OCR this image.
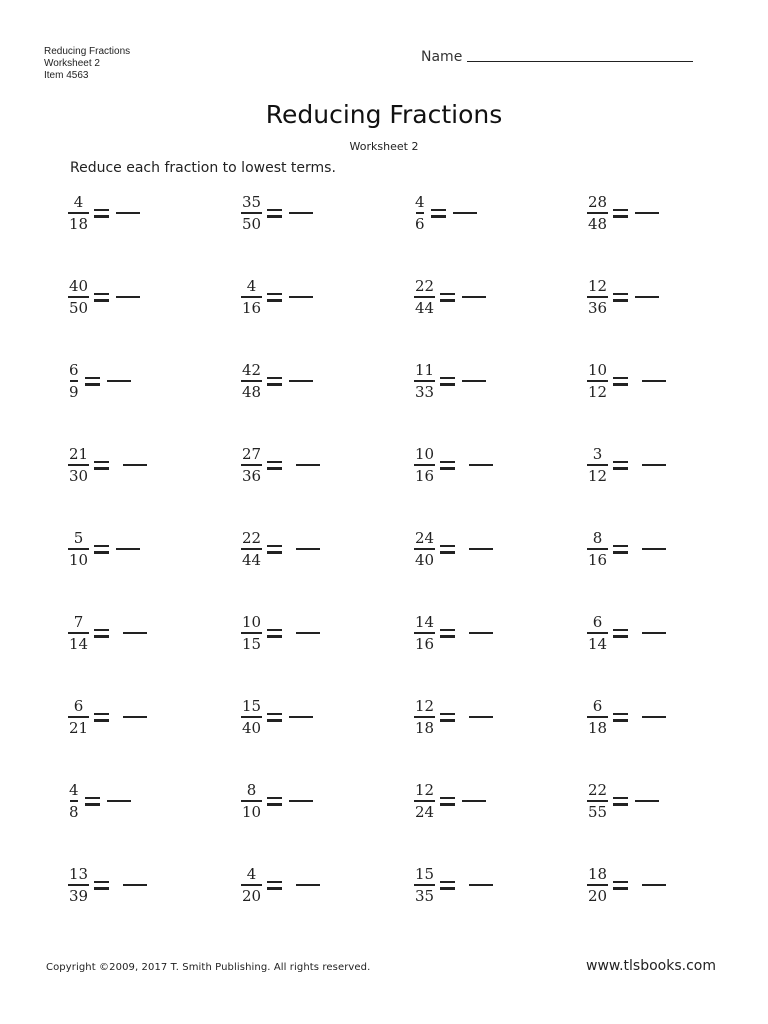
Reducing Fractions
Worksheet 2
Item 4563
Name
Reducing Fractions
Worksheet 2
Reduce each fraction to lowest terms.
$\frac{4}{18}$	$\frac{35}{50}$	$\frac{4}{6}$	$\frac{28}{48}$
$\frac{40}{50}$	$\frac{4}{16}$	$\frac{22}{44}$	$\frac{12}{36}$
$\frac{6}{9}$	$\frac{42}{48}$	$\frac{11}{33}$	$\frac{10}{12}$
$\frac{21}{30}$	$\frac{27}{36}$	$\frac{10}{16}$	$\frac{3}{12}$
$\frac{5}{10}$	$\frac{22}{44}$	$\frac{24}{40}$	$\frac{8}{16}$
$\frac{7}{14}$	$\frac{10}{15}$	$\frac{14}{16}$	$\frac{6}{14}$
$\frac{6}{21}$	$\frac{15}{40}$	$\frac{12}{18}$	$\frac{6}{18}$
$\frac{4}{8}$	$\frac{8}{10}$	$\frac{12}{24}$	$\frac{22}{55}$
$\frac{13}{39}$	$\frac{4}{20}$	$\frac{15}{35}$	$\frac{18}{20}$
Copyright ©2009, 2017 T. Smith Publishing. All rights reserved.	www.tlsbooks.com
